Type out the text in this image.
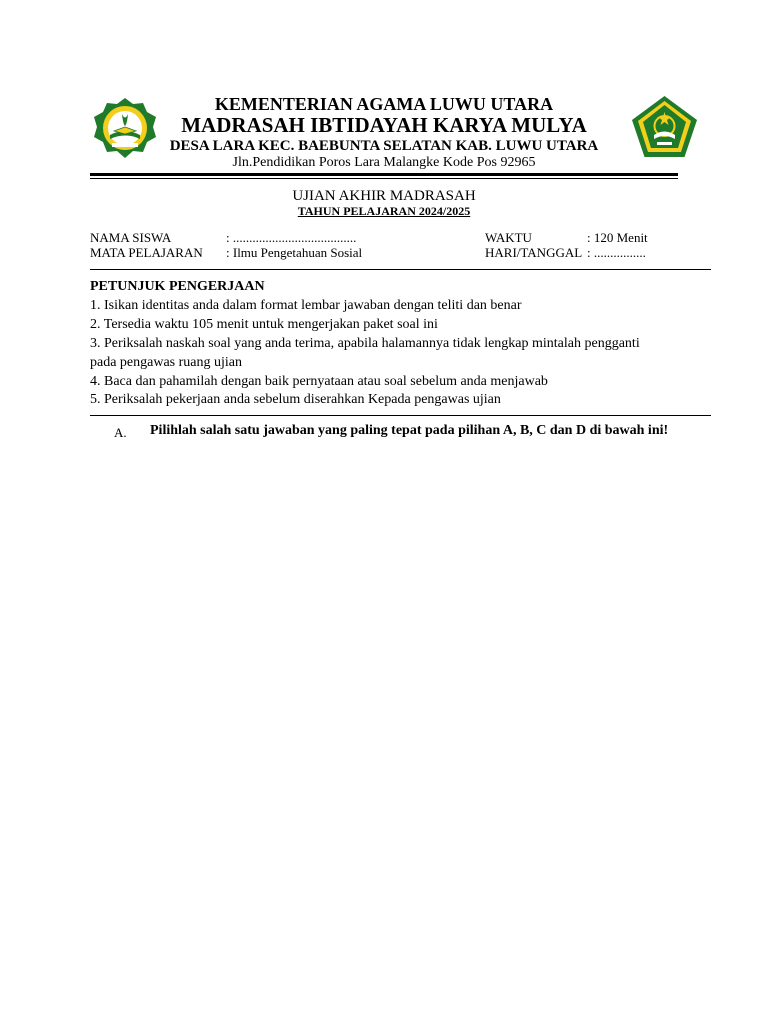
KEMENTERIAN AGAMA LUWU UTARA
MADRASAH IBTIDAYAH KARYA MULYA
DESA LARA KEC. BAEBUNTA SELATAN KAB. LUWU UTARA
Jln.Pendidikan Poros Lara Malangke Kode Pos 92965
UJIAN AKHIR MADRASAH
TAHUN PELAJARAN 2024/2025
NAMA SISWA	: ......................................
MATA PELAJARAN : Ilmu Pengetahuan Sosial
WAKTU	: 120 Menit
HARI/TANGGAL : ................
PETUNJUK PENGERJAAN
1. Isikan identitas anda dalam format lembar jawaban dengan teliti dan benar
2. Tersedia waktu 105 menit untuk mengerjakan paket soal ini
3. Periksalah naskah soal yang anda terima, apabila halamannya tidak lengkap mintalah pengganti
pada pengawas ruang ujian
4. Baca dan pahamilah dengan baik pernyataan atau soal sebelum anda menjawab
5. Periksalah pekerjaan anda sebelum diserahkan Kepada pengawas ujian
A. Pilihlah salah satu jawaban yang paling tepat pada pilihan A, B, C dan D di bawah ini!
